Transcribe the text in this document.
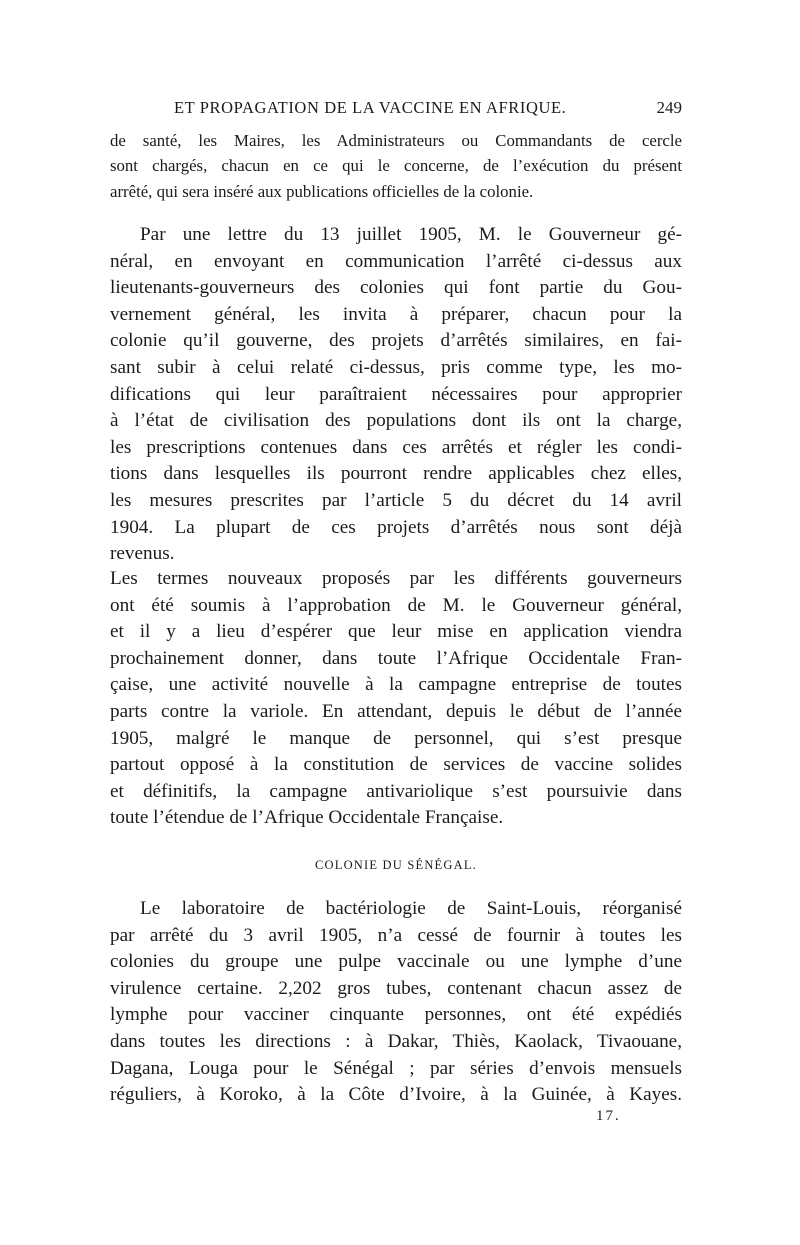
ET PROPAGATION DE LA VACCINE EN AFRIQUE.	249
de santé, les Maires, les Administrateurs ou Commandants de cercle
sont chargés, chacun en ce qui le concerne, de l’exécution du présent
arrêté, qui sera inséré aux publications officielles de la colonie.
Par une lettre du 13 juillet 1905, M. le Gouverneur gé-
néral, en envoyant en communication l’arrêté ci-dessus aux
lieutenants-gouverneurs des colonies qui font partie du Gou-
vernement général, les invita à préparer, chacun pour la
colonie qu’il gouverne, des projets d’arrêtés similaires, en fai-
sant subir à celui relaté ci-dessus, pris comme type, les mo-
difications qui leur paraîtraient nécessaires pour approprier
à l’état de civilisation des populations dont ils ont la charge,
les prescriptions contenues dans ces arrêtés et régler les condi-
tions dans lesquelles ils pourront rendre applicables chez elles,
les mesures prescrites par l’article 5 du décret du 14 avril
1904. La plupart de ces projets d’arrêtés nous sont déjà
revenus.
Les termes nouveaux proposés par les différents gouverneurs
ont été soumis à l’approbation de M. le Gouverneur général,
et il y a lieu d’espérer que leur mise en application viendra
prochainement donner, dans toute l’Afrique Occidentale Fran-
çaise, une activité nouvelle à la campagne entreprise de toutes
parts contre la variole. En attendant, depuis le début de l’année
1905, malgré le manque de personnel, qui s’est presque
partout opposé à la constitution de services de vaccine solides
et définitifs, la campagne antivariolique s’est poursuivie dans
toute l’étendue de l’Afrique Occidentale Française.
COLONIE DU SÉNÉGAL.
Le laboratoire de bactériologie de Saint-Louis, réorganisé
par arrêté du 3 avril 1905, n’a cessé de fournir à toutes les
colonies du groupe une pulpe vaccinale ou une lymphe d’une
virulence certaine. 2,202 gros tubes, contenant chacun assez de
lymphe pour vacciner cinquante personnes, ont été expédiés
dans toutes les directions : à Dakar, Thiès, Kaolack, Tivaouane,
Dagana, Louga pour le Sénégal ; par séries d’envois mensuels
réguliers, à Koroko, à la Côte d’Ivoire, à la Guinée, à Kayes.
17.
